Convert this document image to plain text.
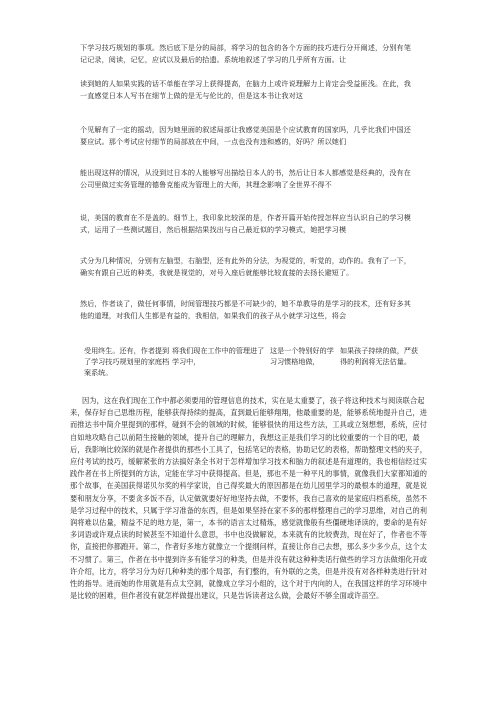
下学习技巧规划的事项。然后底下是分的局部，将学习的包含的各个方面的技巧进行分开阐述，分别有笔记记录，阅读，记忆，应试以及最后的拾遗。系统地叙述了学习的几乎所有方面。让
读到她的人如果实践的话不单能在学习上获得提高，在脑力上或许说理解力上肯定会受益匪浅。在此，我一直感觉日本人写书在细节上做的是无与伦比的，但是这本书让我对这
个见解有了一定的摇动，因为她里面的叙述局部让我感觉美国是个应试教育的国家吗，几乎比我们中国还要应试。那个考试应付细节的局部放在中间，一点也没有违和感的，好吗？所以她们
能出现这样的情况，从没到过日本的人能够写出描绘日本人的书，然后让日本人都感觉是经典的，没有在公司里做过实务管理的德鲁克能成为管理上的大师，其理念影响了全世界不得不
说，美国的教育在不是盖的。细节上，我印象比较深的是，作者开篇开始传授怎样应当认识自己的学习模式，运用了一些测试题目，然后根据结果找出与自己最近似的学习模式，她把学习模
式分为几种情况，分别有左脑型，右脑型，还有此外的分法，为视觉的，听觉的，动作的。我有了一下，确实有跟自己近的种类，我就是视觉的，对号入座后就能够比较直接的去扬长避短了。
然后，作者谈了，做任何事情，时间管理技巧都是不可缺少的，她不单教导的是学习的技术，还有好多其他的道理，对我们人生都是有益的，我相信，如果我们的孩子从小就学习这些，将会
受用终生。还有，作者提到了学习技巧规划里的家庭档案系统。
将我们现在工作中的管理进了学习中，
这是一个特别好的学习习惯格地做，
如果孩子持续的做，严获得的利润将无法估量。
因为，这在我们现在工作中都必须要用的管理信息的技术，实在是太重要了，孩子将这种技术与阅读联合起来，保存好自己思维历程，能够获得持续的提高，直到最后能够翔翔，他最重要的是，能够系统地提升自己，进而推达书中简介里提到的那样，碰到不会的领域的时候，能够很快的用这些方法，工具或立刻想想，系统，应付自如地攻略自己以前陌生接触的领域，提升自己的理解力，我想这正是我们学习的比较重要的一个目的吧，最后，我影响比较深的就是作者提供的那些小工具了，包括笔记的表格，协助记忆的表格，帮助整理文档的夹子，应付考试的技巧，缓解紧张的方法搞好条全书对于怎样增加学习技术和脑力的叙述是有道理的，我也相信经过实践作者在书上所提到的方法，定能在学习中获得提高。但是，那也不是一种平凡的事情，就像我们大家都知道的那个故事，在美国获得诺贝尔奖的科学家说，自己得奖最大的原因都是在幼儿园里学习的最根本的道理，就是说要和朋友分享，不要贪多饭不吞，认定做就要好好地坚持去做，不要怀，我自己喜欢的是家庭归档系统，虽然不是学习过程中的技术，只属于学习准备的东西，但是如果坚持在家不多的那样整理自己的学习思维，对自己的利润将难以估量，精益不足的地方是，第一，本书的语言太过精炼，感觉就像般有些僵硬地译读的，要命的是有好多词语或许观点读的时候甚至不知道什么意思，书中也没做解说，本来就有的比较费劲，现在好了，作者也不等你，直接把你都跑开。第二，作者好多地方就像立一个提纲问样，直接让你自己去想，那么多少多少点，这个太不习惯了。第三，作者在书中提到许多有能学习的种类，但是并没有就这种种类话行做些的学习方法做细化开或许介绍，比方，将学习分为好几种种类的那个局部，有们整的，有外联的之类，但是并没有对各样种类进行针对性的指导。进而她的作用就是有点太空洞，就像成立学习小组的，这个对于内向的人，在我国这样的学习环境中是比较的困难，但作者没有就怎样做提出建议，只是告诉读者这么做，会最好不够全面或许苗空。
